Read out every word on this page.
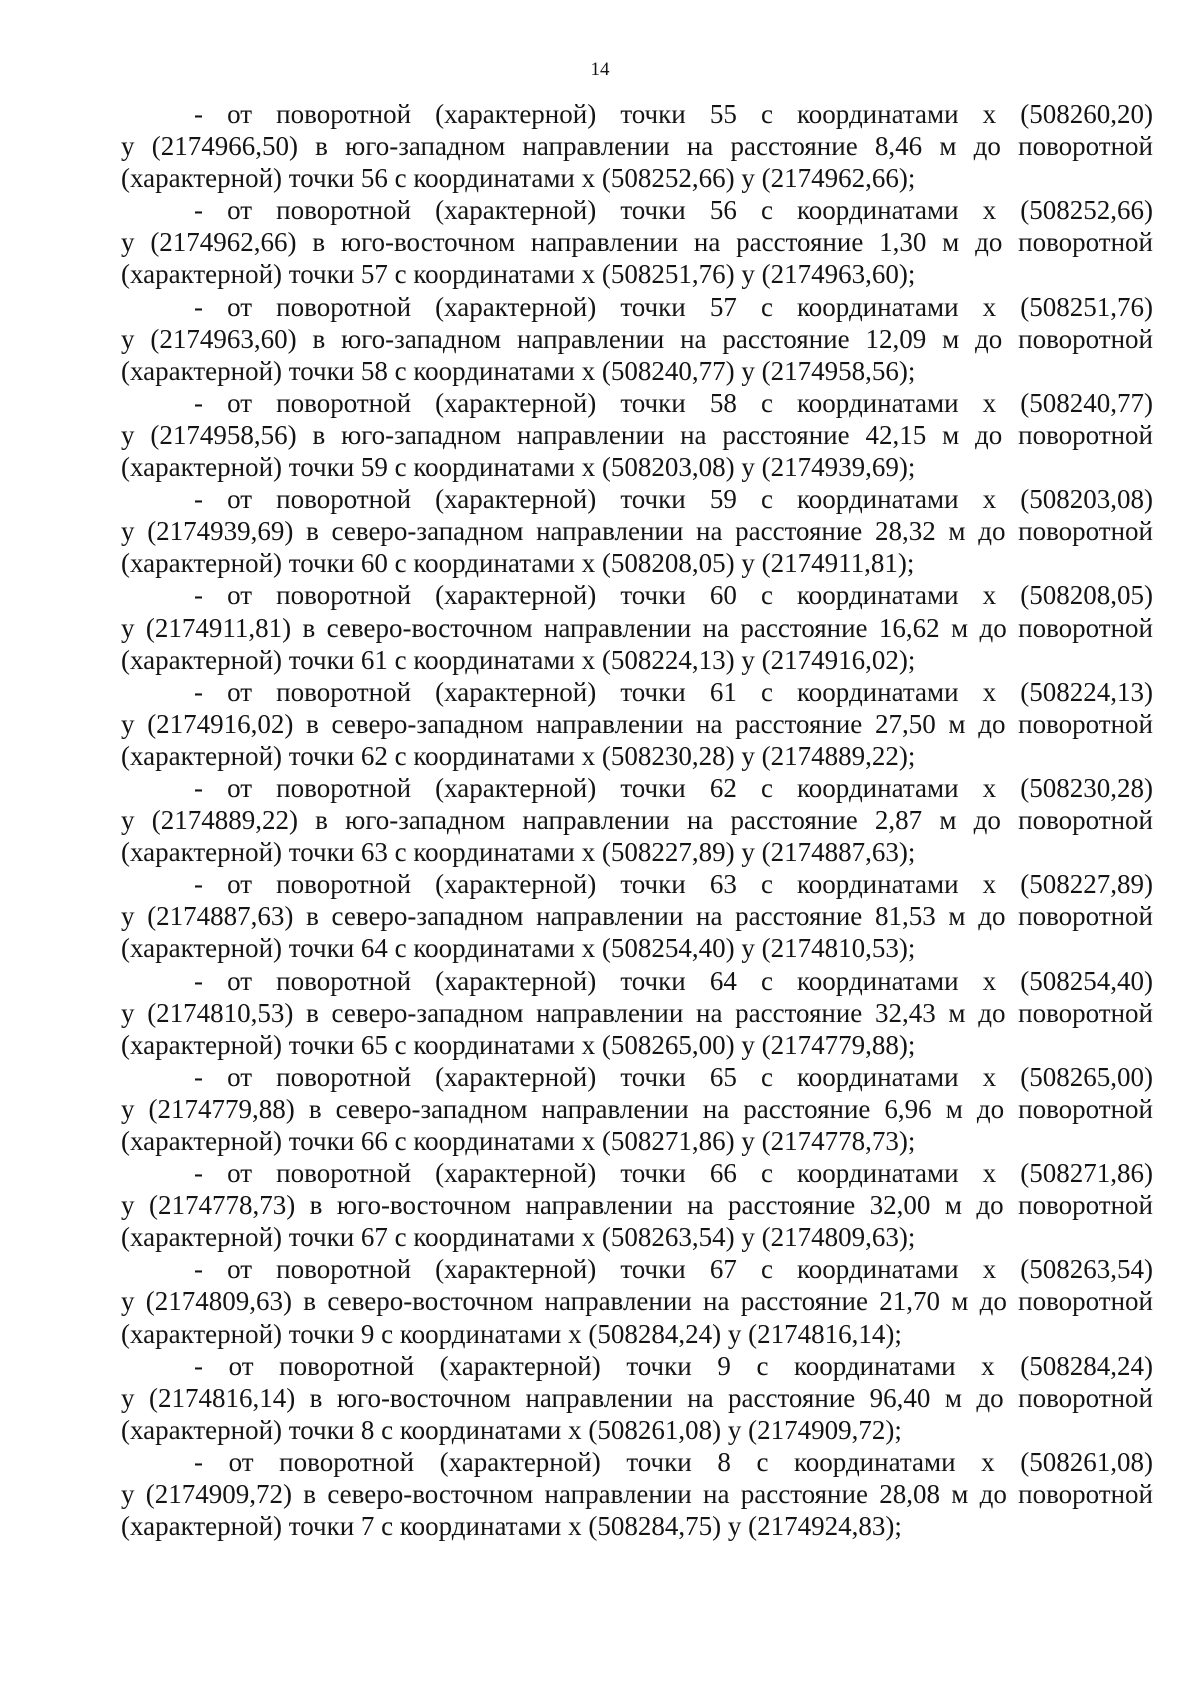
14

- от поворотной (характерной) точки 55 с координатами x (508260,20)
y (2174966,50) в юго-западном направлении на расстояние 8,46 м до поворотной
(характерной) точки 56 с координатами x (508252,66) y (2174962,66);

- от поворотной (характерной) точки 56 с координатами x (508252,66)
y (2174962,66) в юго-восточном направлении на расстояние 1,30 м до поворотной
(характерной) точки 57 с координатами x (508251,76) y (2174963,60);

- от поворотной (характерной) точки 57 с координатами x (508251,76)
y (2174963,60) в юго-западном направлении на расстояние 12,09 м до поворотной
(характерной) точки 58 с координатами x (508240,77) y (2174958,56);

- от поворотной (характерной) точки 58 с координатами x (508240,77)
y (2174958,56) в юго-западном направлении на расстояние 42,15 м до поворотной
(характерной) точки 59 с координатами x (508203,08) y (2174939,69);

- от поворотной (характерной) точки 59 с координатами x (508203,08)
y (2174939,69) в северо-западном направлении на расстояние 28,32 м до поворотной
(характерной) точки 60 с координатами x (508208,05) y (2174911,81);

- от поворотной (характерной) точки 60 с координатами x (508208,05)
y (2174911,81) в северо-восточном направлении на расстояние 16,62 м до поворотной
(характерной) точки 61 с координатами x (508224,13) y (2174916,02);

- от поворотной (характерной) точки 61 с координатами x (508224,13)
y (2174916,02) в северо-западном направлении на расстояние 27,50 м до поворотной
(характерной) точки 62 с координатами x (508230,28) y (2174889,22);

- от поворотной (характерной) точки 62 с координатами x (508230,28)
y (2174889,22) в юго-западном направлении на расстояние 2,87 м до поворотной
(характерной) точки 63 с координатами x (508227,89) y (2174887,63);

- от поворотной (характерной) точки 63 с координатами x (508227,89)
y (2174887,63) в северо-западном направлении на расстояние 81,53 м до поворотной
(характерной) точки 64 с координатами x (508254,40) y (2174810,53);

- от поворотной (характерной) точки 64 с координатами x (508254,40)
y (2174810,53) в северо-западном направлении на расстояние 32,43 м до поворотной
(характерной) точки 65 с координатами x (508265,00) y (2174779,88);

- от поворотной (характерной) точки 65 с координатами x (508265,00)
y (2174779,88) в северо-западном направлении на расстояние 6,96 м до поворотной
(характерной) точки 66 с координатами x (508271,86) y (2174778,73);

- от поворотной (характерной) точки 66 с координатами x (508271,86)
y (2174778,73) в юго-восточном направлении на расстояние 32,00 м до поворотной
(характерной) точки 67 с координатами x (508263,54) y (2174809,63);

- от поворотной (характерной) точки 67 с координатами x (508263,54)
y (2174809,63) в северо-восточном направлении на расстояние 21,70 м до поворотной
(характерной) точки 9 с координатами x (508284,24) y (2174816,14);

- от поворотной (характерной) точки 9 с координатами x (508284,24)
y (2174816,14) в юго-восточном направлении на расстояние 96,40 м до поворотной
(характерной) точки 8 с координатами x (508261,08) y (2174909,72);

- от поворотной (характерной) точки 8 с координатами x (508261,08)
y (2174909,72) в северо-восточном направлении на расстояние 28,08 м до поворотной
(характерной) точки 7 с координатами x (508284,75) y (2174924,83);
